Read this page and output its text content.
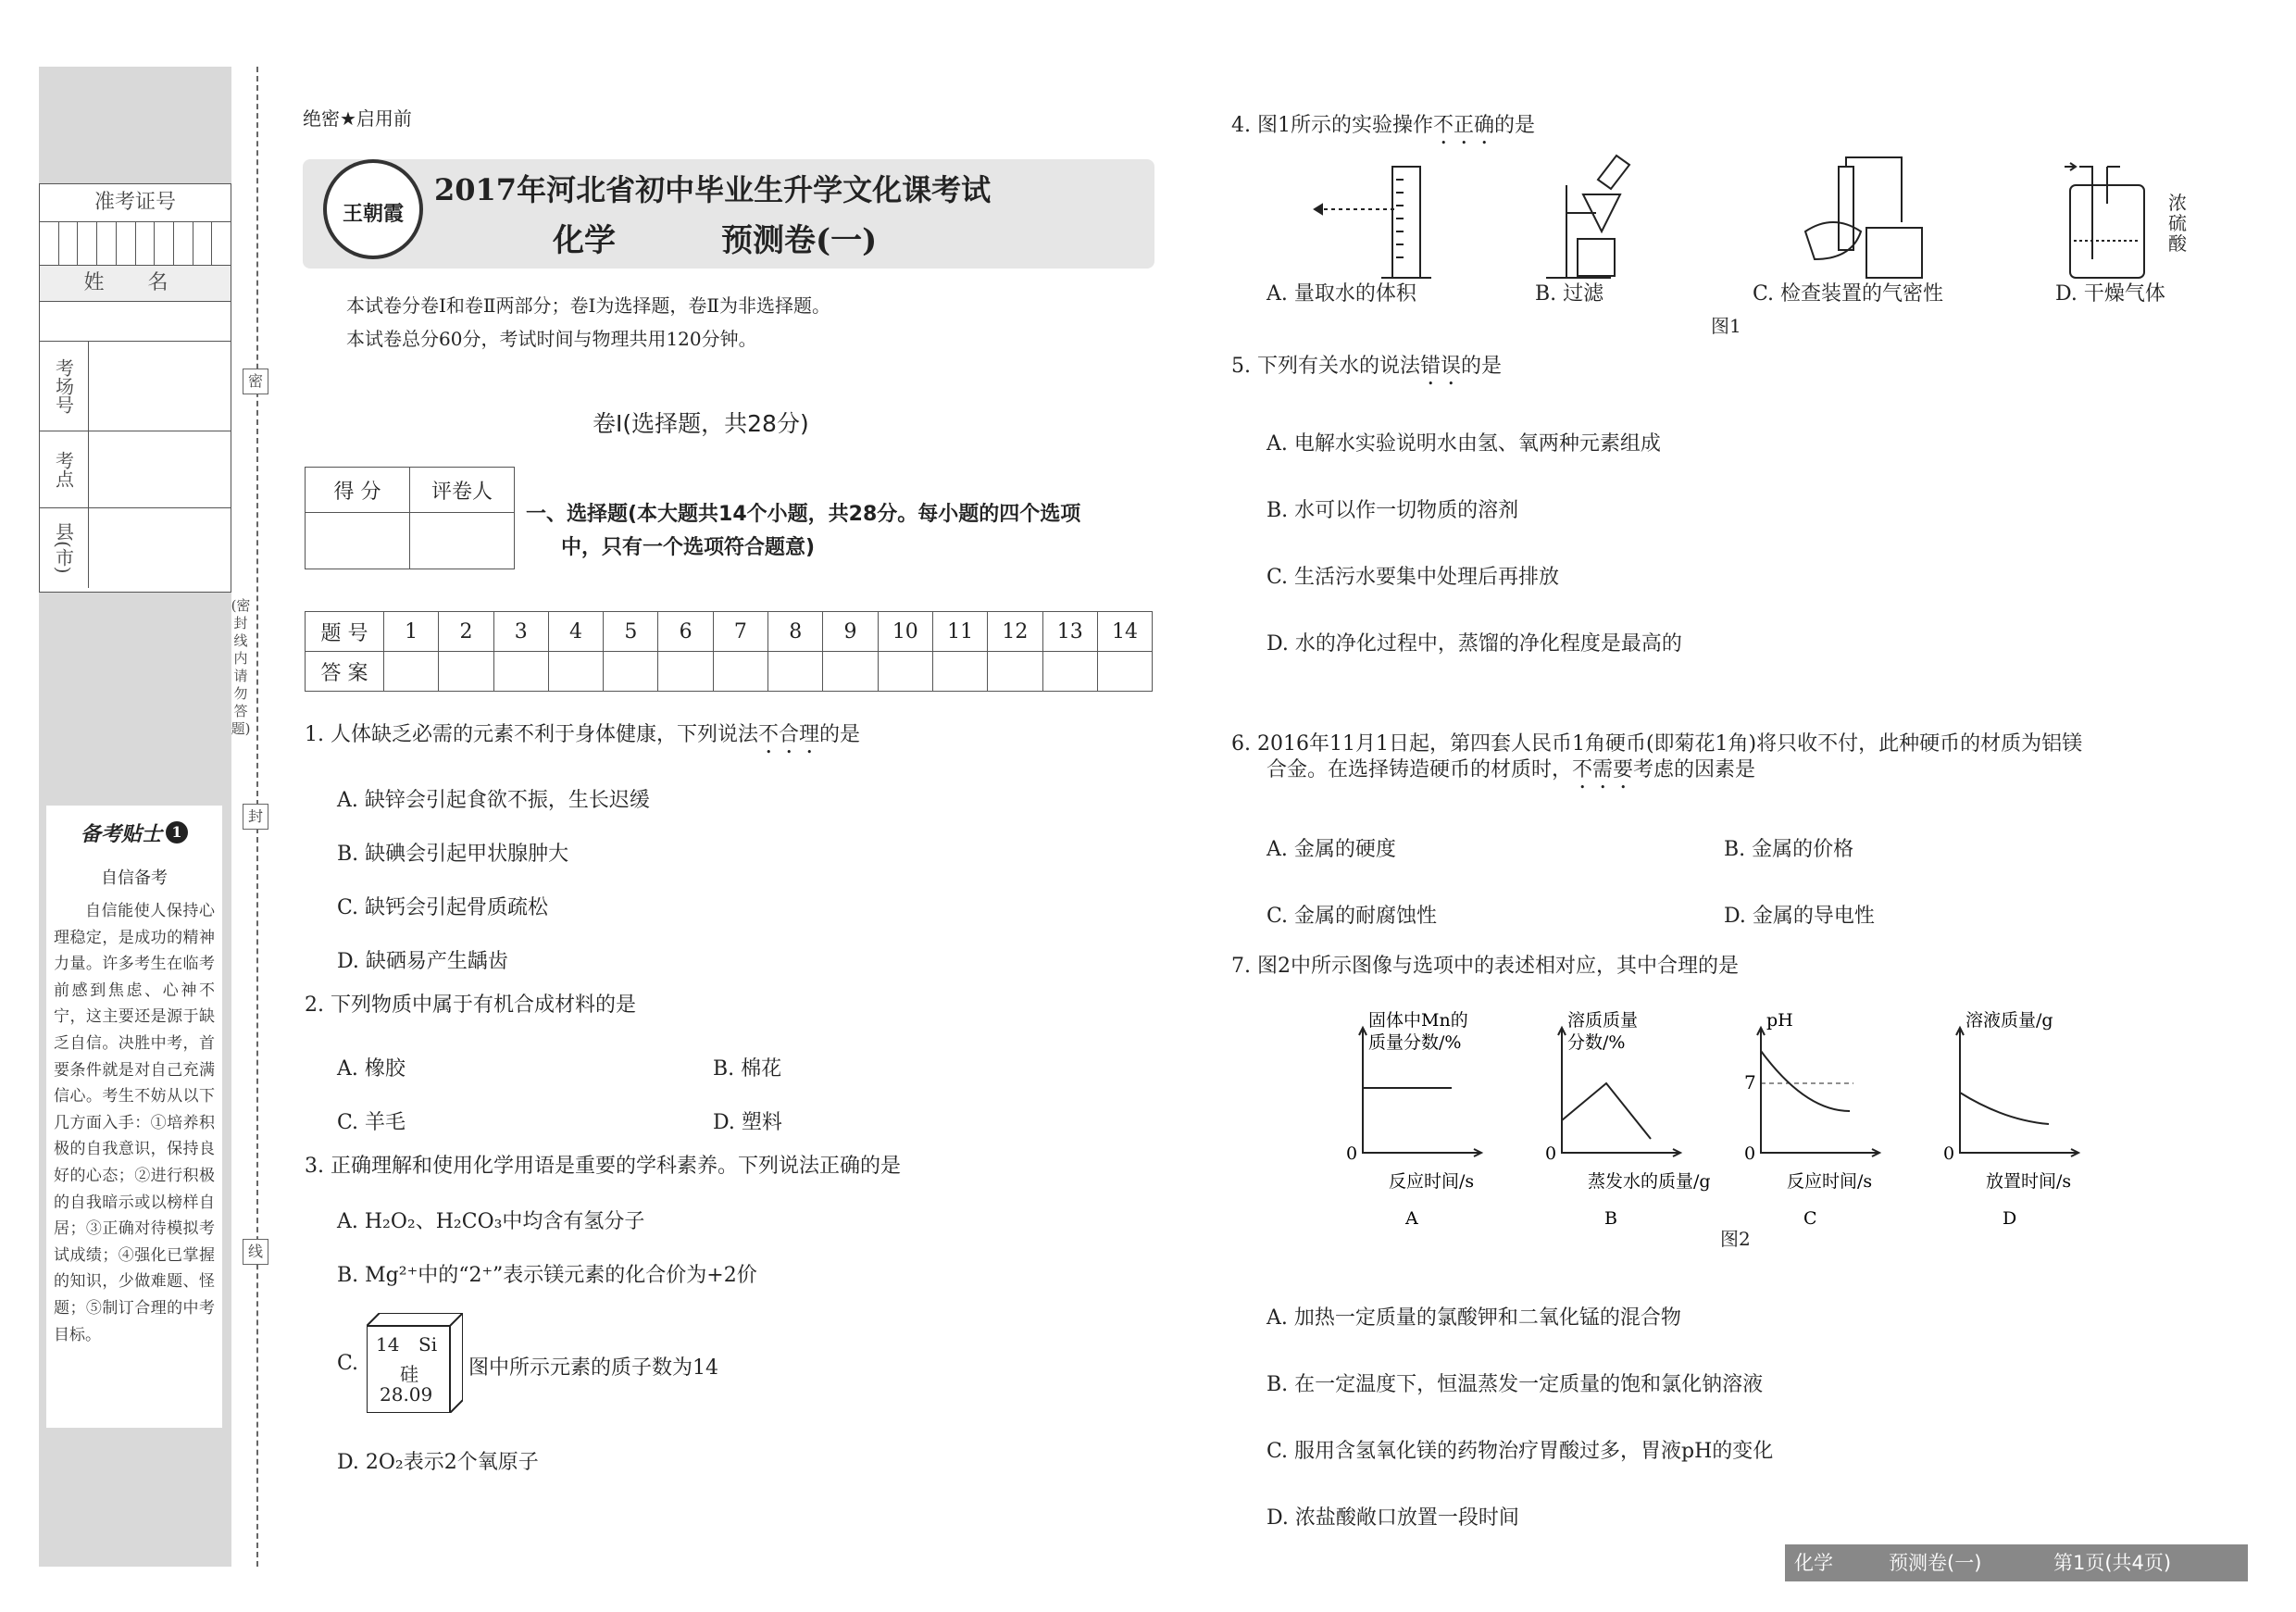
准考证号
姓 名
考场号
考点
县(市)
备考贴士 1
自信备考
自信能使人保持心理稳定，是成功的精神力量。许多考生在临考前感到焦虑、心神不宁，这主要还是源于缺乏自信。决胜中考，首要条件就是对自己充满信心。考生不妨从以下几方面入手：①培养积极的自我意识，保持良好的心态；②进行积极的自我暗示或以榜样自居；③正确对待模拟考试成绩；④强化已掌握的知识，少做难题、怪题；⑤制订合理的中考目标。
密
封
线
(密封线内请勿答题)
绝密★启用前
王朝霞
2017年河北省初中毕业生升学文化课考试
化学	预测卷(一)
本试卷分卷Ⅰ和卷Ⅱ两部分；卷Ⅰ为选择题，卷Ⅱ为非选择题。
本试卷总分60分，考试时间与物理共用120分钟。
卷Ⅰ(选择题，共28分)
得 分	评卷人

一、选择题(本大题共14个小题，共28分。每小题的四个选项
中，只有一个选项符合题意)
题 号	1	2	3	4	5	6	7	8	9	10	11	12	13	14
答 案														
1. 人体缺乏必需的元素不利于身体健康，下列说法不合理的是
A. 缺锌会引起食欲不振，生长迟缓
B. 缺碘会引起甲状腺肿大
C. 缺钙会引起骨质疏松
D. 缺硒易产生龋齿
2. 下列物质中属于有机合成材料的是
A. 橡胶	B. 棉花
C. 羊毛	D. 塑料
3. 正确理解和使用化学用语是重要的学科素养。下列说法正确的是
A. H₂O₂、H₂CO₃中均含有氢分子
B. Mg²⁺中的“2⁺”表示镁元素的化合价为+2价
C.
14 Si
硅
28.09
图中所示元素的质子数为14
D. 2O₂表示2个氧原子
4. 图1所示的实验操作不正确的是
浓硫酸
A. 量取水的体积	B. 过滤	C. 检查装置的气密性	D. 干燥气体
图1
5. 下列有关水的说法错误的是
A. 电解水实验说明水由氢、氧两种元素组成
B. 水可以作一切物质的溶剂
C. 生活污水要集中处理后再排放
D. 水的净化过程中，蒸馏的净化程度是最高的
6. 2016年11月1日起，第四套人民币1角硬币(即菊花1角)将只收不付，此种硬币的材质为铝镁
合金。在选择铸造硬币的材质时，不需要考虑的因素是
A. 金属的硬度	B. 金属的价格
C. 金属的耐腐蚀性	D. 金属的导电性
7. 图2中所示图像与选项中的表述相对应，其中合理的是
固体中Mn的
质量分数/%
0
反应时间/s
A
溶质质量
分数/%
0
蒸发水的质量/g
B
7
pH
0
反应时间/s
C
溶液质量/g
0
放置时间/s
D
图2
A. 加热一定质量的氯酸钾和二氧化锰的混合物
B. 在一定温度下，恒温蒸发一定质量的饱和氯化钠溶液
C. 服用含氢氧化镁的药物治疗胃酸过多，胃液pH的变化
D. 浓盐酸敞口放置一段时间
化学	预测卷(一)	第1页(共4页)
